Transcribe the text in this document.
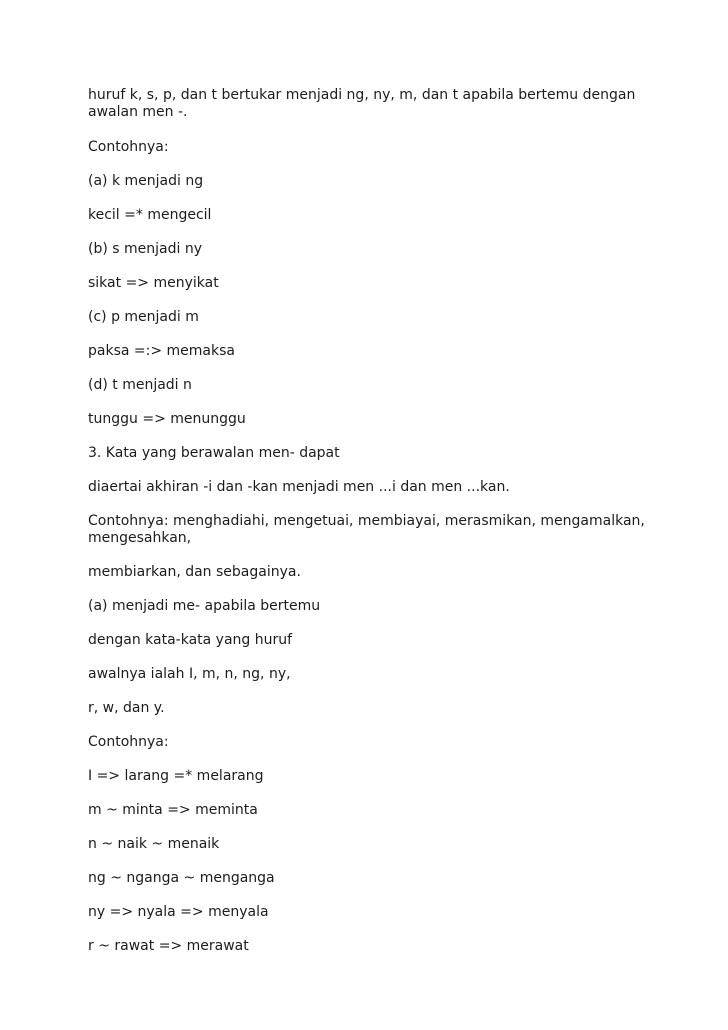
huruf k, s, p, dan t bertukar menjadi ng, ny, m, dan t apabila bertemu dengan awalan men -.

Contohnya:

(a) k menjadi ng

kecil =* mengecil

(b) s menjadi ny

sikat => menyikat

(c) p menjadi m

paksa =:> memaksa

(d) t menjadi n

tunggu => menunggu

3. Kata yang berawalan men- dapat

diaertai akhiran -i dan -kan menjadi men ...i dan men ...kan.

Contohnya: menghadiahi, mengetuai, membiayai, merasmikan, mengamalkan, mengesahkan,

membiarkan, dan sebagainya.

(a) menjadi me- apabila bertemu

dengan kata-kata yang huruf

awalnya ialah I, m, n, ng, ny,

r, w, dan y.

Contohnya:

I => larang =* melarang

m ~ minta => meminta

n ~ naik ~ menaik

ng ~ nganga ~ menganga

ny => nyala => menyala

r ~ rawat => merawat
